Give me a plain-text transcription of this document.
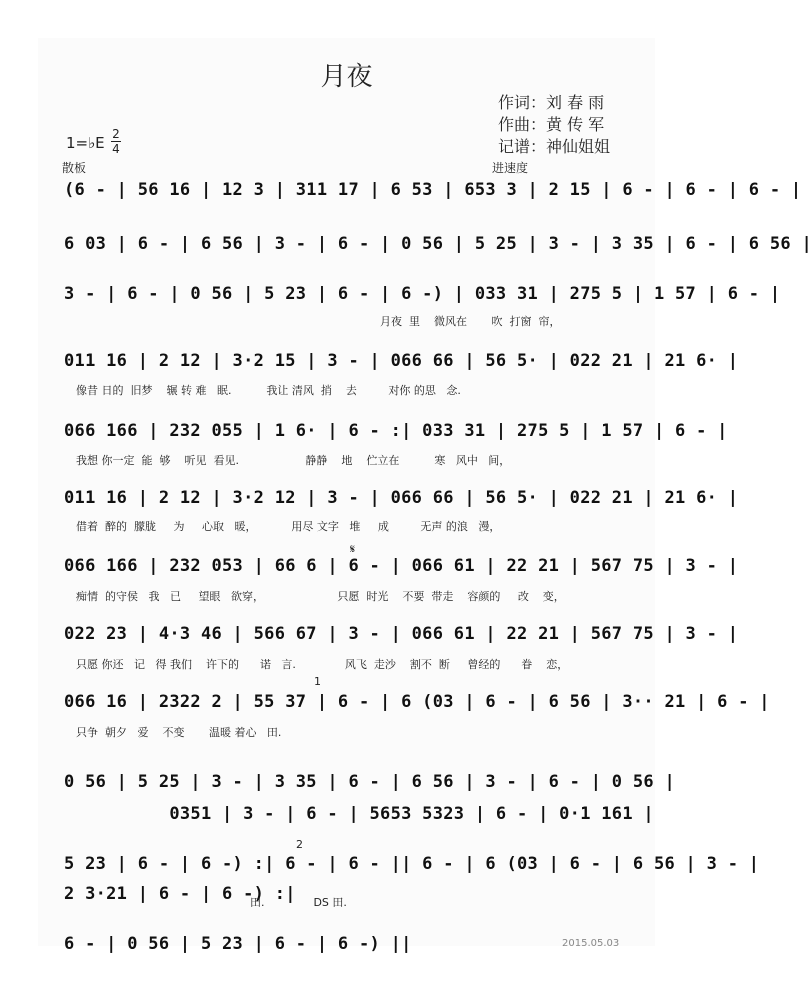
月夜
作词：刘 春 雨
作曲：黄 传 军
记谱：神仙姐姐
1=♭E 2
4
散板	进速度
(6 - | 56 16 | 12 3 | 311 17 | 6 53 | 653 3 | 2 15 | 6 - | 6 - | 6 - |
6 03 | 6 - | 6 56 | 3 - | 6 - | 0 56 | 5 25 | 3 - | 3 35 | 6 - | 6 56 |
3 - | 6 - | 0 56 | 5 23 | 6 - | 6 -) | 033 31 | 275 5 | 1 57 | 6 - |
月夜  里    微风在       吹  打窗  帘，
011 16 | 2 12 | 3·2 15 | 3 - | 066 66 | 56 5· | 022 21 | 21 6· |
像昔 日的  旧梦    辗 转 难   眠.          我让 清风  捎    去         对你 的思   念.
066 166 | 232 055 | 1 6· | 6 - :| 033 31 | 275 5 | 1 57 | 6 - |
我想 你一定  能  够    听见  看见.                   静静    地    伫立在          寒   风中   间，
011 16 | 2 12 | 3·2 12 | 3 - | 066 66 | 56 5· | 022 21 | 21 6· |
借着  醉的  朦胧     为     心取   暖，          用尽 文字   堆     成         无声 的浪   漫，
𝄋
066 166 | 232 053 | 66 6 | 6 - | 066 61 | 22 21 | 567 75 | 3 - |
痴情  的守侯   我   已     望眼   欲穿，                     只愿  时光    不要  带走    容颜的     改    变，
022 23 | 4·3 46 | 566 67 | 3 - | 066 61 | 22 21 | 567 75 | 3 - |
只愿 你还   记   得 我们    许下的      诺   言.              风飞  走沙    割不  断     曾经的      眷    恋，
1
066 16 | 2322 2 | 55 37 | 6 - | 6 (03 | 6 - | 6 56 | 3·· 21 | 6 - |
只争  朝夕   爱    不变       温暖 着心   田.
0 56 | 5 25 | 3 - | 3 35 | 6 - | 6 56 | 3 - | 6 - | 0 56 |
0351 | 3 - | 6 - | 5653 5323 | 6 - | 0·1 161 |
2
5 23 | 6 - | 6 -) :| 6 - | 6 - || 6 - | 6 (03 | 6 - | 6 56 | 3 - |
2 3·21 | 6 - | 6 -) :|
田.              DS 田.
6 - | 0 56 | 5 23 | 6 - | 6 -) ||	2015.05.03
